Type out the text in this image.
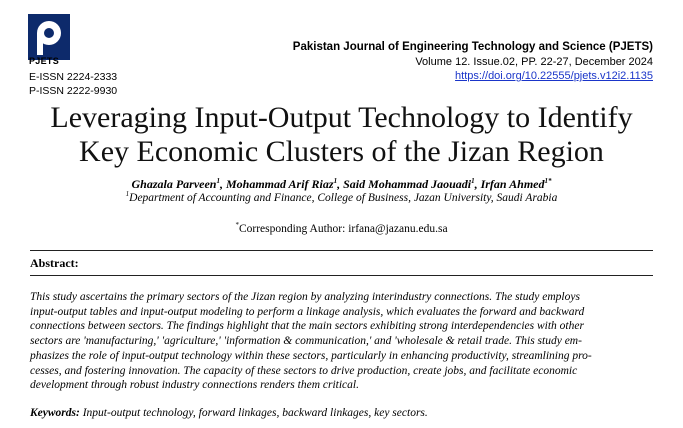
PJETS
E-ISSN 2224-2333
P-ISSN 2222-9930
Pakistan Journal of Engineering Technology and Science (PJETS)
Volume 12. Issue.02, PP. 22-27, December 2024
https://doi.org/10.22555/pjets.v12i2.1135
Leveraging Input-Output Technology to Identify
Key Economic Clusters of the Jizan Region
Ghazala Parveen$^1$, Mohammad Arif Riaz$^1$, Said Mohammad Jaouadi$^1$, Irfan Ahmed$^{1*}$
$^1$Department of Accounting and Finance, College of Business, Jazan University, Saudi Arabia
*Corresponding Author: irfana@jazanu.edu.sa
Abstract:
This study ascertains the primary sectors of the Jizan region by analyzing interindustry connections. The study employs
input-output tables and input-output modeling to perform a linkage analysis, which evaluates the forward and backward
connections between sectors. The findings highlight that the main sectors exhibiting strong interdependencies with other
sectors are 'manufacturing,' 'agriculture,' 'information & communication,' and 'wholesale & retail trade. This study em-
phasizes the role of input-output technology within these sectors, particularly in enhancing productivity, streamlining pro-
cesses, and fostering innovation. The capacity of these sectors to drive production, create jobs, and facilitate economic
development through robust industry connections renders them critical.
Keywords: Input-output technology, forward linkages, backward linkages, key sectors.
